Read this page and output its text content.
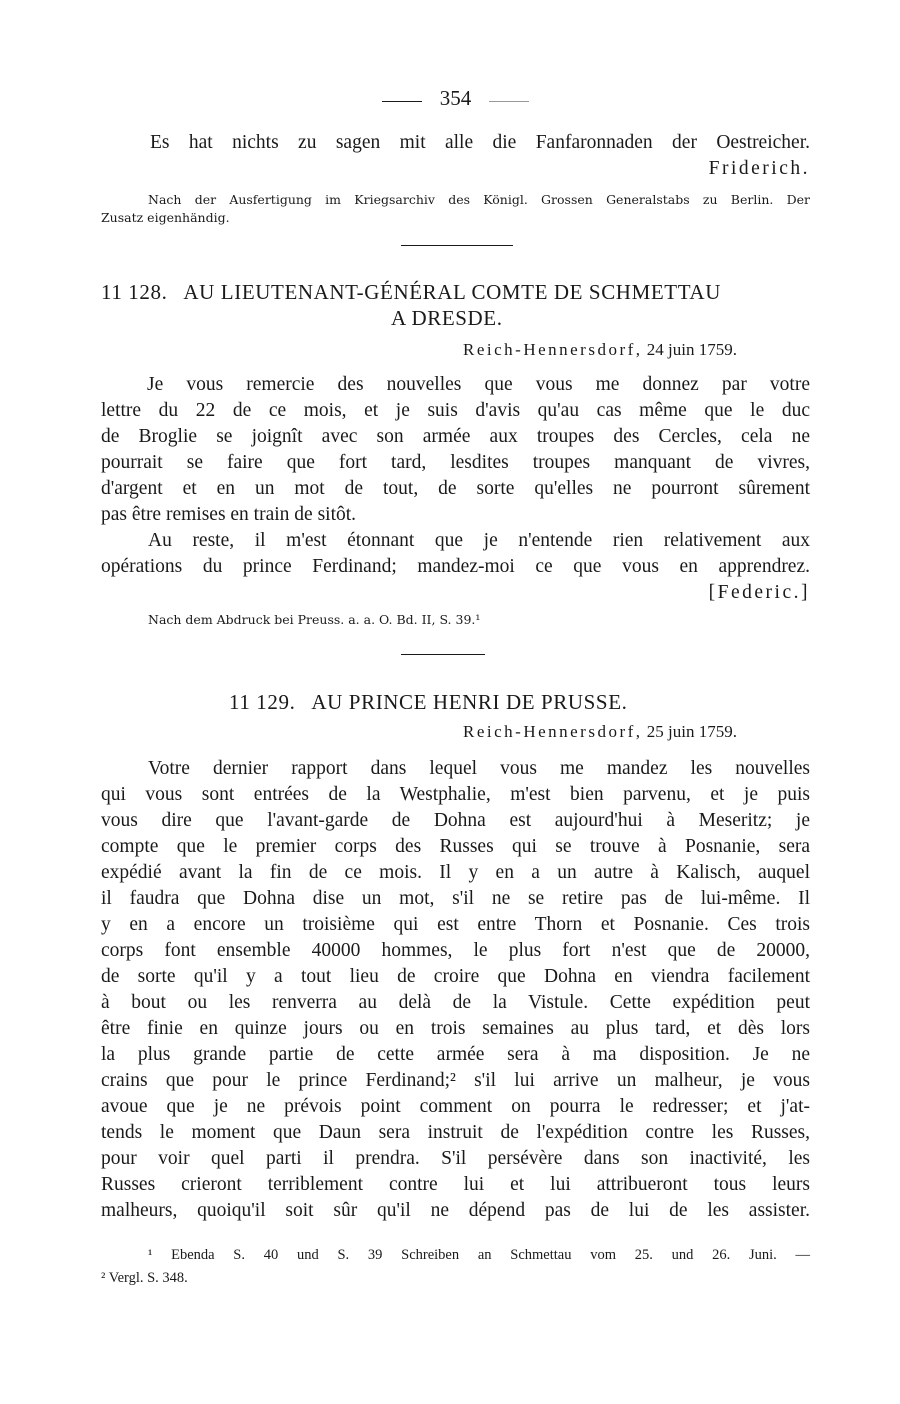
354
Es hat nichts zu sagen mit alle die Fanfaronnaden der Oestreicher.
Friderich.
Nach der Ausfertigung im Kriegsarchiv des Königl. Grossen Generalstabs zu Berlin. Der
Zusatz eigenhändig.
11 128. AU LIEUTENANT-GÉNÉRAL COMTE DE SCHMETTAU
A DRESDE.
Reich-Hennersdorf, 24 juin 1759.
Je vous remercie des nouvelles que vous me donnez par votre
lettre du 22 de ce mois, et je suis d'avis qu'au cas même que le duc
de Broglie se joignît avec son armée aux troupes des Cercles, cela ne
pourrait se faire que fort tard, lesdites troupes manquant de vivres,
d'argent et en un mot de tout, de sorte qu'elles ne pourront sûrement
pas être remises en train de sitôt.
Au reste, il m'est étonnant que je n'entende rien relativement aux
opérations du prince Ferdinand; mandez-moi ce que vous en apprendrez.
[Federic.]
Nach dem Abdruck bei Preuss. a. a. O. Bd. II, S. 39.¹
11 129. AU PRINCE HENRI DE PRUSSE.
Reich-Hennersdorf, 25 juin 1759.
Votre dernier rapport dans lequel vous me mandez les nouvelles
qui vous sont entrées de la Westphalie, m'est bien parvenu, et je puis
vous dire que l'avant-garde de Dohna est aujourd'hui à Meseritz; je
compte que le premier corps des Russes qui se trouve à Posnanie, sera
expédié avant la fin de ce mois. Il y en a un autre à Kalisch, auquel
il faudra que Dohna dise un mot, s'il ne se retire pas de lui-même. Il
y en a encore un troisième qui est entre Thorn et Posnanie. Ces trois
corps font ensemble 40000 hommes, le plus fort n'est que de 20000,
de sorte qu'il y a tout lieu de croire que Dohna en viendra facilement
à bout ou les renverra au delà de la Vistule. Cette expédition peut
être finie en quinze jours ou en trois semaines au plus tard, et dès lors
la plus grande partie de cette armée sera à ma disposition. Je ne
crains que pour le prince Ferdinand;² s'il lui arrive un malheur, je vous
avoue que je ne prévois point comment on pourra le redresser; et j'at-
tends le moment que Daun sera instruit de l'expédition contre les Russes,
pour voir quel parti il prendra. S'il persévère dans son inactivité, les
Russes crieront terriblement contre lui et lui attribueront tous leurs
malheurs, quoiqu'il soit sûr qu'il ne dépend pas de lui de les assister.
¹ Ebenda S. 40 und S. 39 Schreiben an Schmettau vom 25. und 26. Juni. —
² Vergl. S. 348.
